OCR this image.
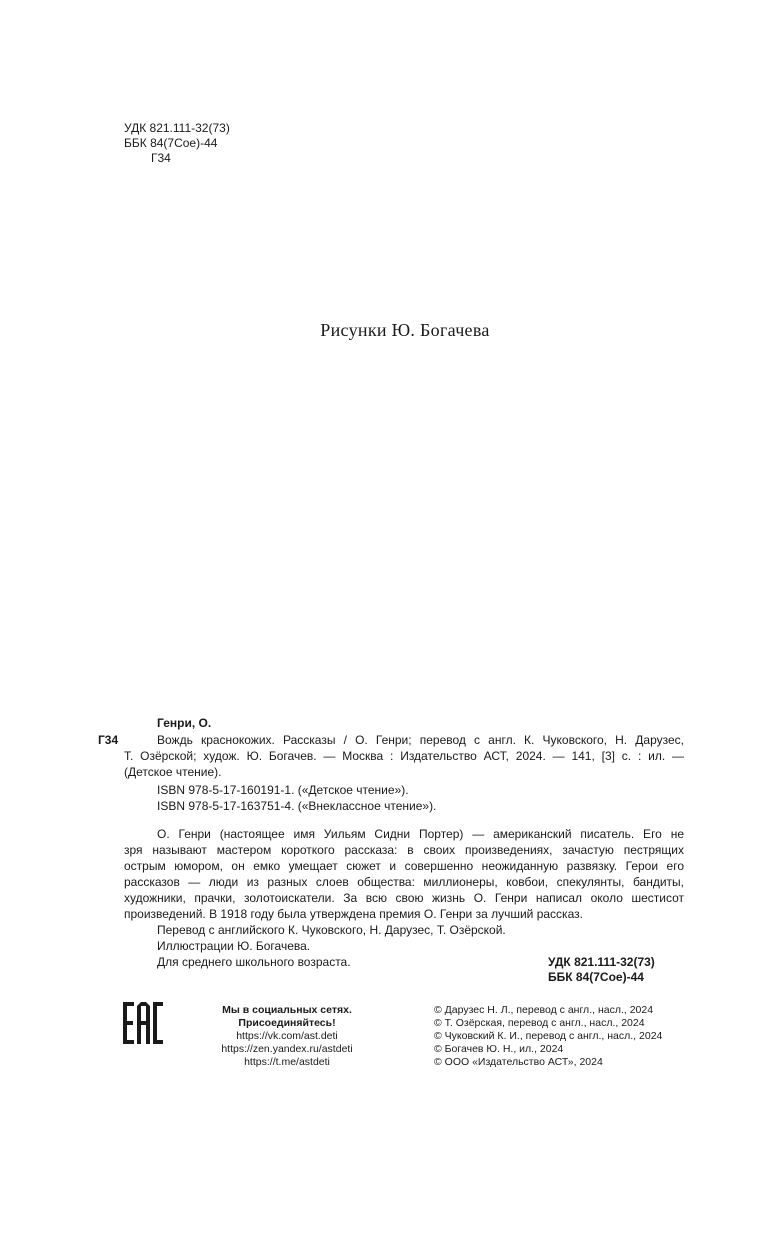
УДК 821.111-32(73)
ББК 84(7Сое)-44
Г34
Рисунки Ю. Богачева
Г34
Генри, О.
Вождь краснокожих. Рассказы / О. Генри; перевод с англ. К. Чуковского, Н. Дарузес,
Т. Озёрской; худож. Ю. Богачев. — Москва : Издательство АСТ, 2024. — 141, [3] с. : ил. —
(Детское чтение).
ISBN 978-5-17-160191-1. («Детское чтение»).
ISBN 978-5-17-163751-4. («Внеклассное чтение»).
О. Генри (настоящее имя Уильям Сидни Портер) — американский писатель. Его не
зря называют мастером короткого рассказа: в своих произведениях, зачастую пестрящих
острым юмором, он емко умещает сюжет и совершенно неожиданную развязку. Герои его
рассказов — люди из разных слоев общества: миллионеры, ковбои, спекулянты, бандиты,
художники, прачки, золотоискатели. За всю свою жизнь О. Генри написал около шестисот
произведений. В 1918 году была утверждена премия О. Генри за лучший рассказ.
Перевод с английского К. Чуковского, Н. Дарузес, Т. Озёрской.
Иллюстрации Ю. Богачева.
Для среднего школьного возраста.	УДК 821.111-32(73)
ББК 84(7Сое)-44
Мы в социальных сетях.
Присоединяйтесь!
https://vk.com/ast.deti
https://zen.yandex.ru/astdeti
https://t.me/astdeti
© Дарузес Н. Л., перевод с англ., насл., 2024
© Т. Озёрская, перевод с англ., насл., 2024
© Чуковский К. И., перевод с англ., насл., 2024
© Богачев Ю. Н., ил., 2024
© ООО «Издательство АСТ», 2024
